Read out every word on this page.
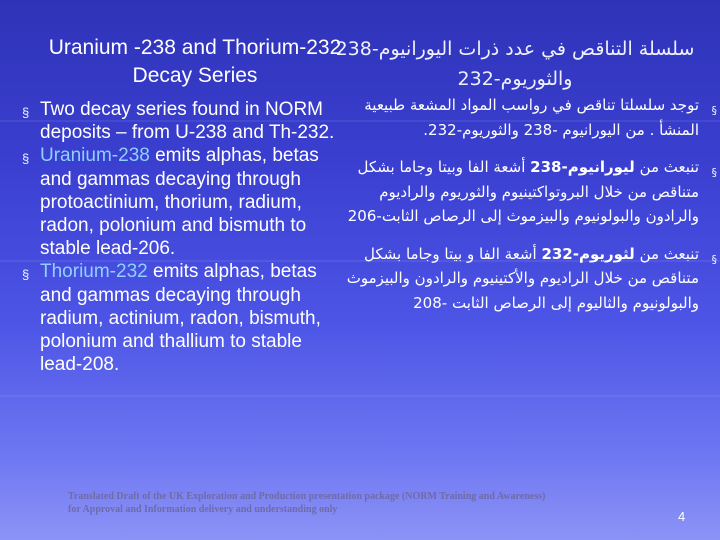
Uranium -238 and Thorium-232 Decay Series
سلسلة التناقص في عدد ذرات اليورانيوم-238 والثوريوم-232
§ Two decay series found in NORM deposits – from U-238 and Th-232.
§ Uranium-238 emits alphas, betas and gammas decaying through protoactinium, thorium, radium, radon, polonium and bismuth to stable lead-206.
§ Thorium-232 emits alphas, betas and gammas decaying through radium, actinium, radon, bismuth, polonium and thallium to stable lead-208.
§
توجد سلسلتا تناقص في رواسب المواد المشعة طبيعية المنشأ . من اليورانيوم -238 والثوريوم-232.
§
تنبعث من ليورانيوم-238 أشعة الفا وبيتا وجاما بشكل متناقص من خلال البروتواكتينيوم والثوريوم والراديوم والرادون والبولونيوم والبيزموث إلى الرصاص الثابت-206
§
تنبعث من لثوريوم-232 أشعة الفا و بيتا وجاما بشكل متناقص من خلال الراديوم والأكتينيوم والرادون والبيزموث والبولونيوم والثاليوم إلى الرصاص الثابت -208
Translated Draft of the UK Exploration and Production presentation package (NORM Training and Awareness) for Approval and Information delivery and understanding only	4
